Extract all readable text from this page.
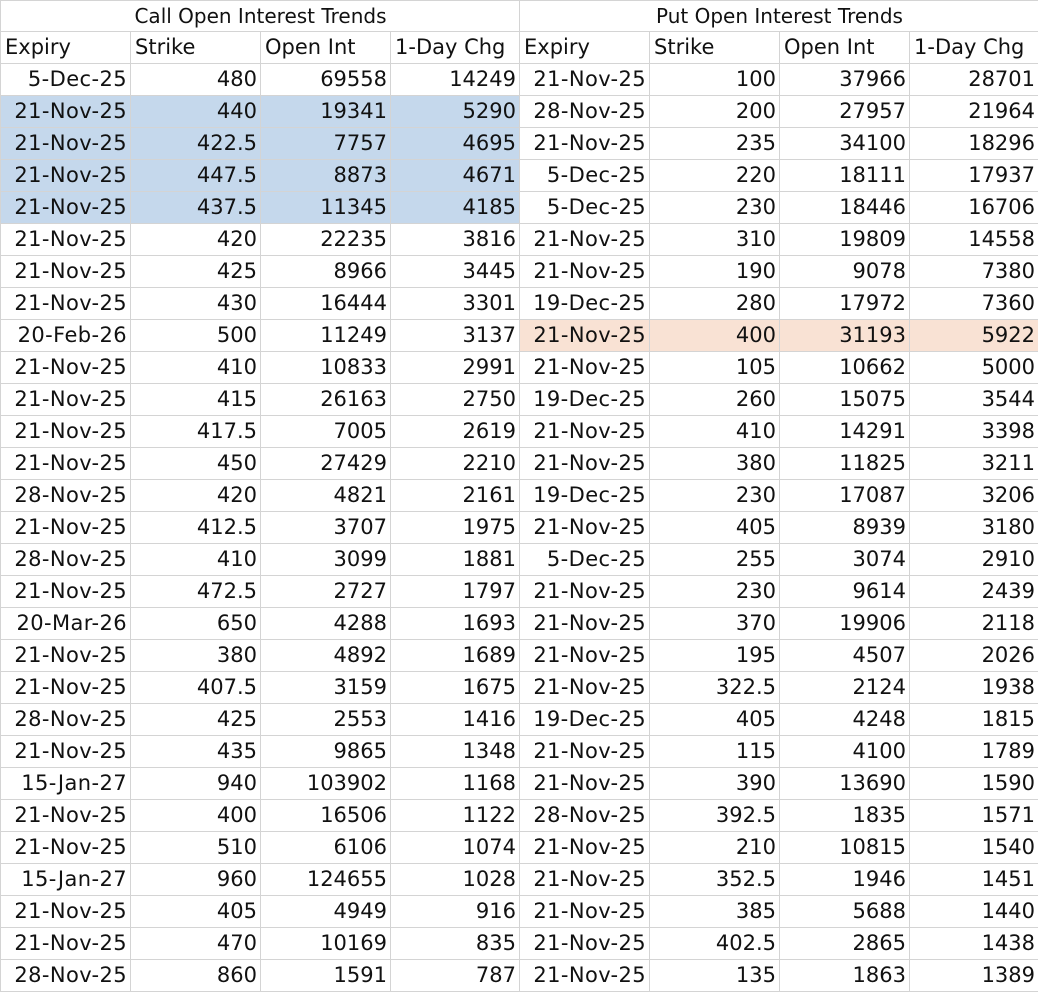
Call Open Interest Trends				Put Open Interest Trends			
Expiry	Strike	Open Int	1-Day Chg	Expiry	Strike	Open Int	1-Day Chg
5-Dec-25	480	69558	14249	21-Nov-25	100	37966	28701
21-Nov-25	440	19341	5290	28-Nov-25	200	27957	21964
21-Nov-25	422.5	7757	4695	21-Nov-25	235	34100	18296
21-Nov-25	447.5	8873	4671	5-Dec-25	220	18111	17937
21-Nov-25	437.5	11345	4185	5-Dec-25	230	18446	16706
21-Nov-25	420	22235	3816	21-Nov-25	310	19809	14558
21-Nov-25	425	8966	3445	21-Nov-25	190	9078	7380
21-Nov-25	430	16444	3301	19-Dec-25	280	17972	7360
20-Feb-26	500	11249	3137	21-Nov-25	400	31193	5922
21-Nov-25	410	10833	2991	21-Nov-25	105	10662	5000
21-Nov-25	415	26163	2750	19-Dec-25	260	15075	3544
21-Nov-25	417.5	7005	2619	21-Nov-25	410	14291	3398
21-Nov-25	450	27429	2210	21-Nov-25	380	11825	3211
28-Nov-25	420	4821	2161	19-Dec-25	230	17087	3206
21-Nov-25	412.5	3707	1975	21-Nov-25	405	8939	3180
28-Nov-25	410	3099	1881	5-Dec-25	255	3074	2910
21-Nov-25	472.5	2727	1797	21-Nov-25	230	9614	2439
20-Mar-26	650	4288	1693	21-Nov-25	370	19906	2118
21-Nov-25	380	4892	1689	21-Nov-25	195	4507	2026
21-Nov-25	407.5	3159	1675	21-Nov-25	322.5	2124	1938
28-Nov-25	425	2553	1416	19-Dec-25	405	4248	1815
21-Nov-25	435	9865	1348	21-Nov-25	115	4100	1789
15-Jan-27	940	103902	1168	21-Nov-25	390	13690	1590
21-Nov-25	400	16506	1122	28-Nov-25	392.5	1835	1571
21-Nov-25	510	6106	1074	21-Nov-25	210	10815	1540
15-Jan-27	960	124655	1028	21-Nov-25	352.5	1946	1451
21-Nov-25	405	4949	916	21-Nov-25	385	5688	1440
21-Nov-25	470	10169	835	21-Nov-25	402.5	2865	1438
28-Nov-25	860	1591	787	21-Nov-25	135	1863	1389
